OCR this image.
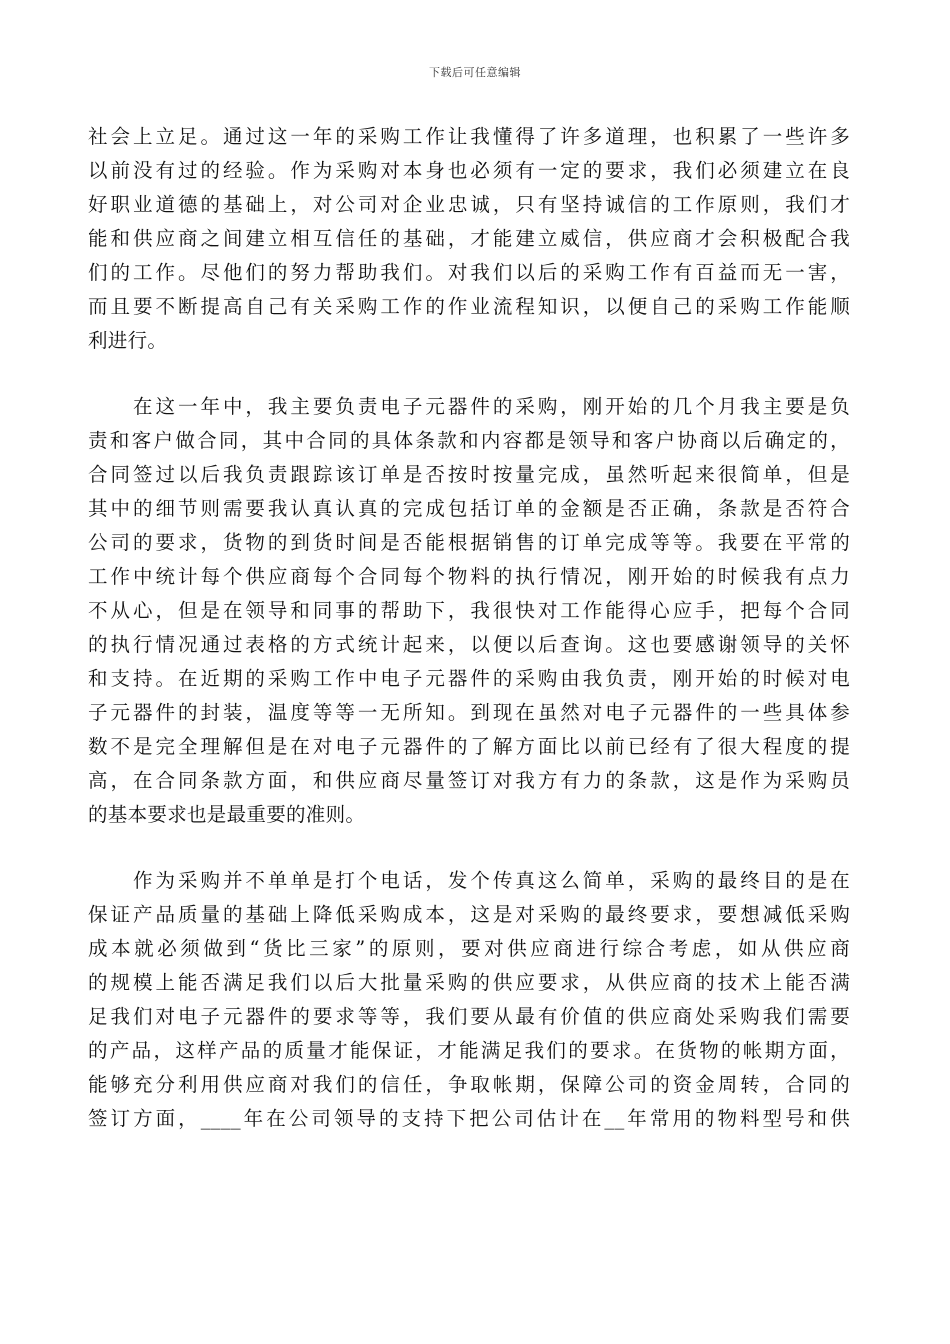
下载后可任意编辑
社会上立足。通过这一年的采购工作让我懂得了许多道理，也积累了一些许多
以前没有过的经验。作为采购对本身也必须有一定的要求，我们必须建立在良
好职业道德的基础上，对公司对企业忠诚，只有坚持诚信的工作原则，我们才
能和供应商之间建立相互信任的基础，才能建立威信，供应商才会积极配合我
们的工作。尽他们的努力帮助我们。对我们以后的采购工作有百益而无一害，
而且要不断提高自己有关采购工作的作业流程知识，以便自己的采购工作能顺
利进行。
　　在这一年中，我主要负责电子元器件的采购，刚开始的几个月我主要是负
责和客户做合同，其中合同的具体条款和内容都是领导和客户协商以后确定的，
合同签过以后我负责跟踪该订单是否按时按量完成，虽然听起来很简单，但是
其中的细节则需要我认真认真的完成包括订单的金额是否正确，条款是否符合
公司的要求，货物的到货时间是否能根据销售的订单完成等等。我要在平常的
工作中统计每个供应商每个合同每个物料的执行情况，刚开始的时候我有点力
不从心，但是在领导和同事的帮助下，我很快对工作能得心应手，把每个合同
的执行情况通过表格的方式统计起来，以便以后查询。这也要感谢领导的关怀
和支持。在近期的采购工作中电子元器件的采购由我负责，刚开始的时候对电
子元器件的封装，温度等等一无所知。到现在虽然对电子元器件的一些具体参
数不是完全理解但是在对电子元器件的了解方面比以前已经有了很大程度的提
高，在合同条款方面，和供应商尽量签订对我方有力的条款，这是作为采购员
的基本要求也是最重要的准则。
　　作为采购并不单单是打个电话，发个传真这么简单，采购的最终目的是在
保证产品质量的基础上降低采购成本，这是对采购的最终要求，要想减低采购
成本就必须做到“货比三家”的原则，要对供应商进行综合考虑，如从供应商
的规模上能否满足我们以后大批量采购的供应要求，从供应商的技术上能否满
足我们对电子元器件的要求等等，我们要从最有价值的供应商处采购我们需要
的产品，这样产品的质量才能保证，才能满足我们的要求。在货物的帐期方面，
能够充分利用供应商对我们的信任，争取帐期，保障公司的资金周转，合同的
签订方面，____年在公司领导的支持下把公司估计在__年常用的物料型号和供
